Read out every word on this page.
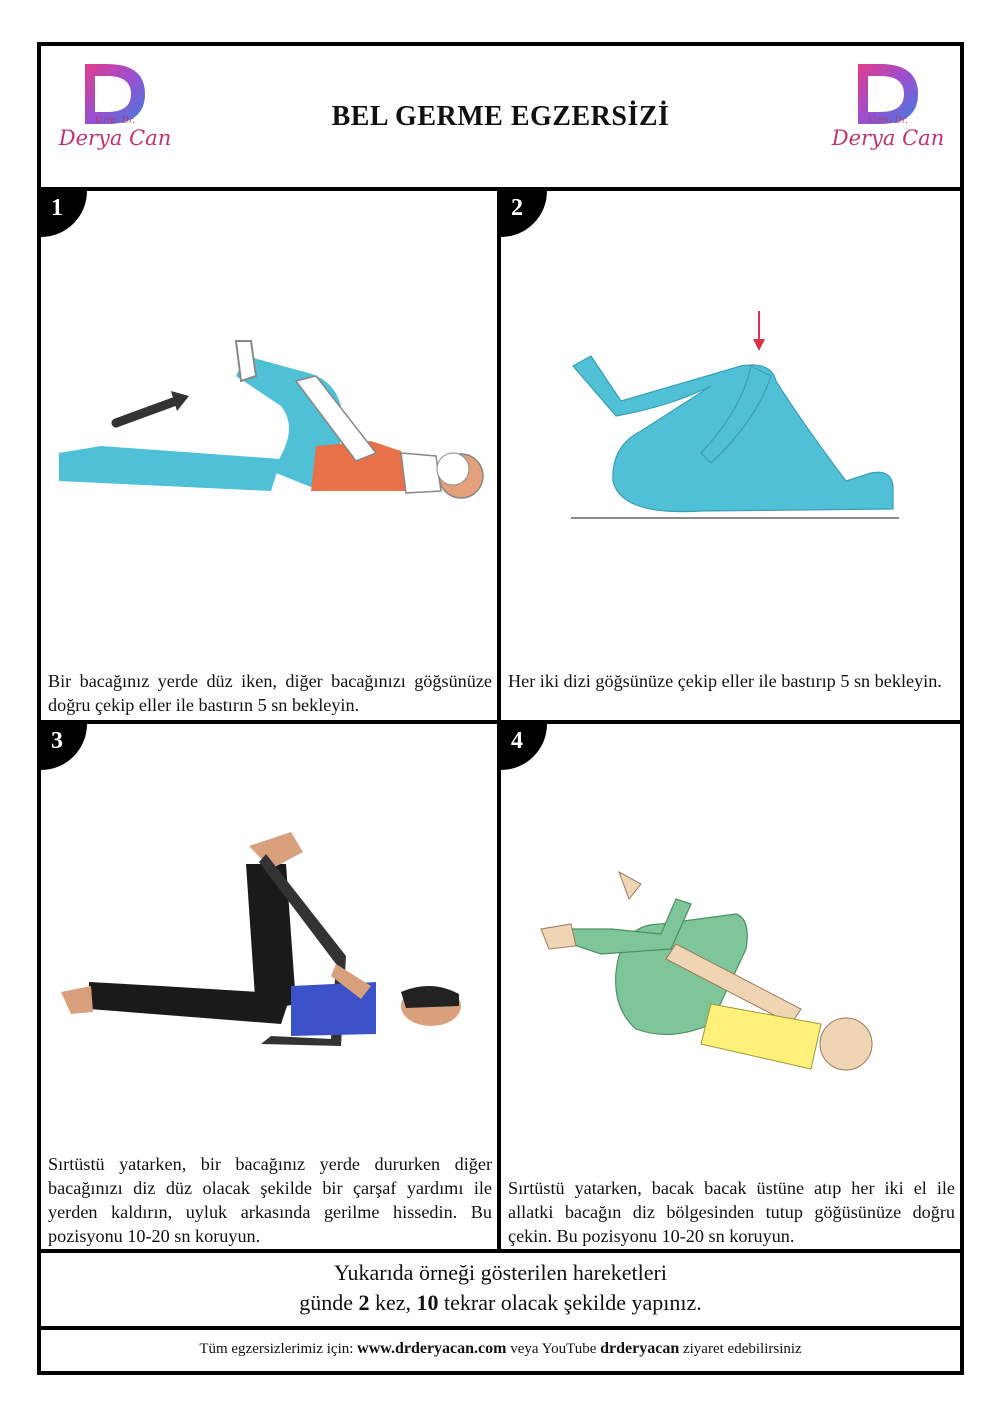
Uzm. Dr.
Derya Can
BEL GERME EGZERSİZİ	Uzm. Dr.
Derya Can
1
Bir bacağınız yerde düz iken, diğer bacağınızı göğsünüze doğru çekip eller ile bastırın 5 sn bekleyin.
2
Her iki dizi göğsünüze çekip eller ile bastırıp 5 sn bekleyin.
3
Sırtüstü yatarken, bir bacağınız yerde dururken diğer bacağınızı diz düz olacak şekilde bir çarşaf yardımı ile yerden kaldırın, uyluk arkasında gerilme hissedin. Bu pozisyonu 10-20 sn koruyun.
4
Sırtüstü yatarken, bacak bacak üstüne atıp her iki el ile allatki bacağın diz bölgesinden tutup göğüsünüze doğru çekin. Bu pozisyonu 10-20 sn koruyun.
Yukarıda örneği gösterilen hareketleri
günde 2 kez, 10 tekrar olacak şekilde yapınız.
Tüm egzersizlerimiz için: www.drderyacan.com veya YouTube drderyacan ziyaret edebilirsiniz
